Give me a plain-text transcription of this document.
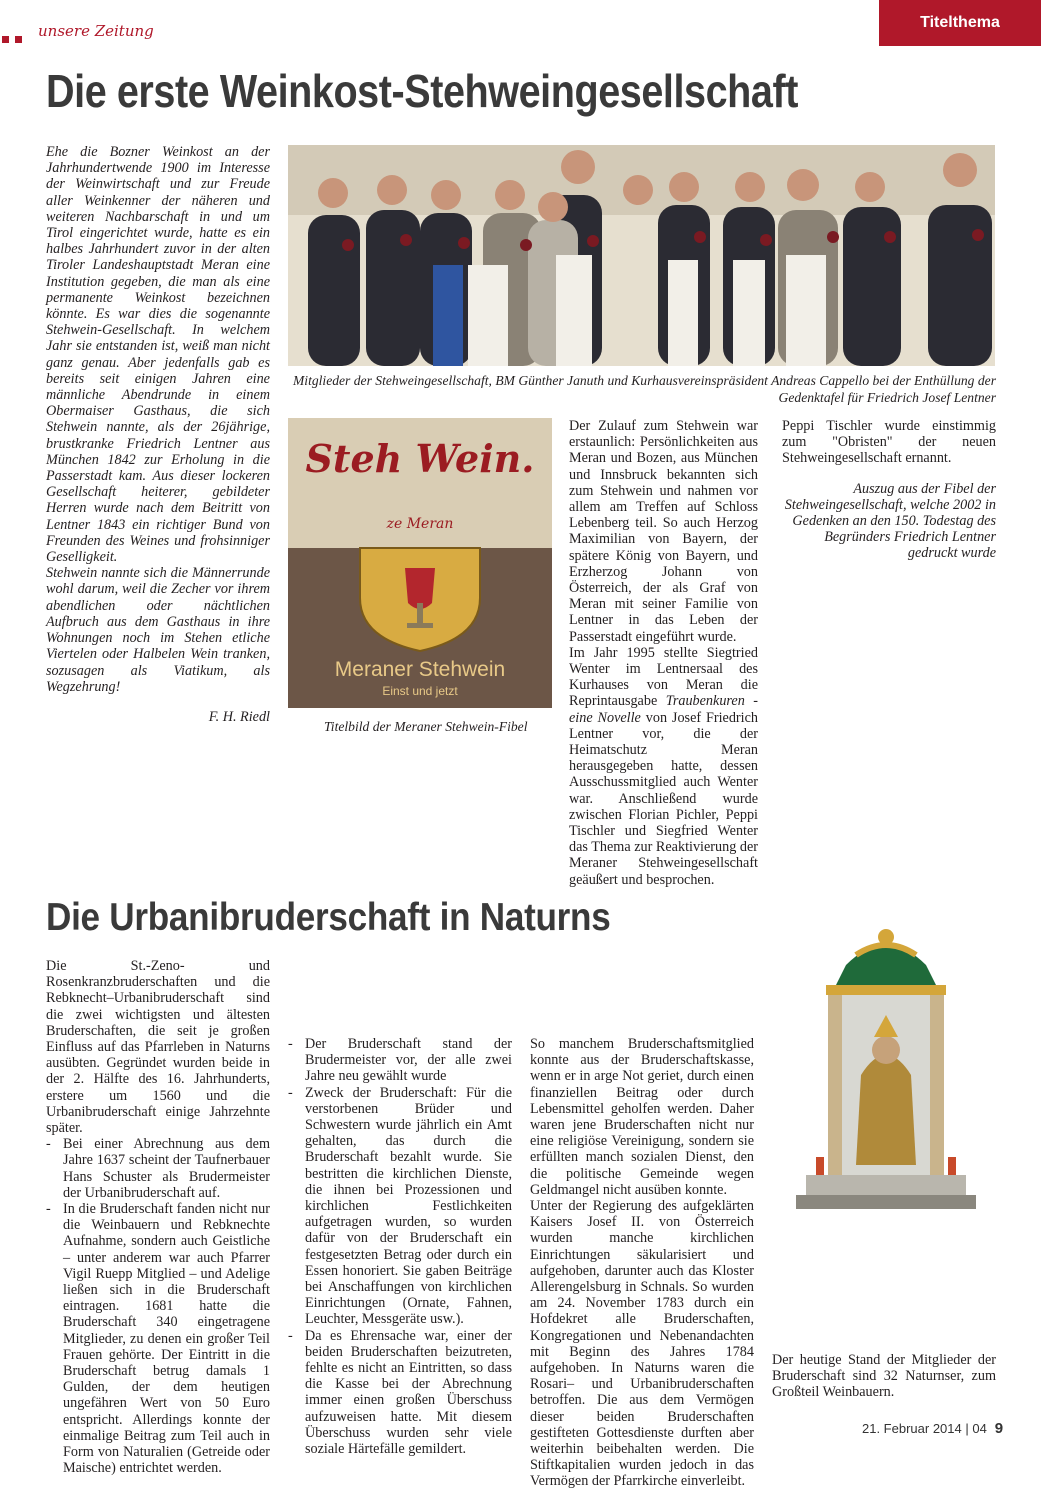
unsere Zeitung	Titelthema
Die erste Weinkost-Stehweingesellschaft

Ehe die Bozner Weinkost an der Jahrhundertwende 1900 im Interesse der Weinwirtschaft und zur Freude aller Weinkenner der näheren und weiteren Nachbarschaft in und um Tirol eingerichtet wurde, hatte es ein halbes Jahrhundert zuvor in der alten Tiroler Landeshauptstadt Meran eine Institution gegeben, die man als eine permanente Weinkost bezeichnen könnte. Es war dies die sogenannte Stehwein-Gesellschaft. In welchem Jahr sie entstanden ist, weiß man nicht ganz genau. Aber jedenfalls gab es bereits seit einigen Jahren eine männliche Abendrunde in einem Obermaiser Gasthaus, die sich Stehwein nannte, als der 26jährige, brustkranke Friedrich Lentner aus München 1842 zur Erholung in die Passerstadt kam. Aus dieser lockeren Gesellschaft heiterer, gebildeter Herren wurde nach dem Beitritt von Lentner 1843 ein richtiger Bund von Freunden des Weines und frohsinniger Geselligkeit.

Stehwein nannte sich die Männerrunde wohl darum, weil die Zecher vor ihrem abendlichen oder nächtlichen Aufbruch aus dem Gasthaus in ihre Wohnungen noch im Stehen etliche Viertelen oder Halbelen Wein tranken, sozusagen als Viatikum, als Wegzehrung!

F. H. Riedl

Mitglieder der Stehweingesellschaft, BM Günther Januth und Kurhausvereinspräsident Andreas Cappello bei der Enthüllung der Gedenktafel für Friedrich Josef Lentner
Steh Wein.
ze Meran
Meraner Stehwein
Einst und jetzt
Titelbild der Meraner Stehwein-Fibel

Der Zulauf zum Stehwein war erstaunlich: Persönlichkeiten aus Meran und Bozen, aus München und Innsbruck bekannten sich zum Stehwein und nahmen vor allem am Treffen auf Schloss Lebenberg teil. So auch Herzog Maximilian von Bayern, der spätere König von Bayern, und Erzherzog Johann von Österreich, der als Graf von Meran mit seiner Familie von Lentner in das Leben der Passerstadt eingeführt wurde.

Im Jahr 1995 stellte Siegtried Wenter im Lentnersaal des Kurhauses von Meran die Reprintausgabe Traubenkuren - eine Novelle von Josef Friedrich Lentner vor, die der Heimatschutz Meran herausgegeben hatte, dessen Ausschussmitglied auch Wenter war. Anschließend wurde zwischen Florian Pichler, Peppi Tischler und Siegfried Wenter das Thema zur Reaktivierung der Meraner Stehweingesellschaft geäußert und besprochen.

Peppi Tischler wurde einstimmig zum "Obristen" der neuen Stehweingesellschaft ernannt.

Auszug aus der Fibel der Stehweingesellschaft, welche 2002 in Gedenken an den 150. Todestag des Begründers Friedrich Lentner gedruckt wurde

Die Urbanibruderschaft in Naturns

Die St.-Zeno- und Rosenkranzbruderschaften und die Rebknecht–Urbanibruderschaft sind die zwei wichtigsten und ältesten Bruderschaften, die seit je großen Einfluss auf das Pfarrleben in Naturns ausübten. Gegründet wurden beide in der 2. Hälfte des 16. Jahrhunderts, erstere um 1560 und die Urbanibruderschaft einige Jahrzehnte später.

- Bei einer Abrechnung aus dem Jahre 1637 scheint der Taufnerbauer Hans Schuster als Brudermeister der Urbanibruderschaft auf.
- In die Bruderschaft fanden nicht nur die Weinbauern und Rebknechte Aufnahme, sondern auch Geistliche – unter anderem war auch Pfarrer Vigil Ruepp Mitglied – und Adelige ließen sich in die Bruderschaft eintragen. 1681 hatte die Bruderschaft 340 eingetragene Mitglieder, zu denen ein großer Teil Frauen gehörte. Der Eintritt in die Bruderschaft betrug damals 1 Gulden, der dem heutigen ungefähren Wert von 50 Euro entspricht. Allerdings konnte der einmalige Beitrag zum Teil auch in Form von Naturalien (Getreide oder Maische) entrichtet werden.
- Der Bruderschaft stand der Brudermeister vor, der alle zwei Jahre neu gewählt wurde
- Zweck der Bruderschaft: Für die verstorbenen Brüder und Schwestern wurde jährlich ein Amt gehalten, das durch die Bruderschaft bezahlt wurde. Sie bestritten die kirchlichen Dienste, die ihnen bei Prozessionen und kirchlichen Festlichkeiten aufgetragen wurden, so wurden dafür von der Bruderschaft ein festgesetzten Betrag oder durch ein Essen honoriert. Sie gaben Beiträge bei Anschaffungen von kirchlichen Einrichtungen (Ornate, Fahnen, Leuchter, Messgeräte usw.).
- Da es Ehrensache war, einer der beiden Bruderschaften beizutreten, fehlte es nicht an Eintritten, so dass die Kasse bei der Abrechnung immer einen großen Überschuss aufzuweisen hatte. Mit diesem Überschuss wurden sehr viele soziale Härtefälle gemildert.

So manchem Bruderschaftsmitglied konnte aus der Bruderschaftskasse, wenn er in arge Not geriet, durch einen finanziellen Beitrag oder durch Lebensmittel geholfen werden. Daher waren jene Bruderschaften nicht nur eine religiöse Vereinigung, sondern sie erfüllten manch sozialen Dienst, den die politische Gemeinde wegen Geldmangel nicht ausüben konnte.

Unter der Regierung des aufgeklärten Kaisers Josef II. von Österreich wurden manche kirchlichen Einrichtungen säkularisiert und aufgehoben, darunter auch das Kloster Allerengelsburg in Schnals. So wurden am 24. November 1783 durch ein Hofdekret alle Bruderschaften, Kongregationen und Nebenandachten mit Beginn des Jahres 1784 aufgehoben. In Naturns waren die Rosari– und Urbanibruderschaften betroffen. Die aus dem Vermögen dieser beiden Bruderschaften gestifteten Gottesdienste durften aber weiterhin beibehalten werden. Die Stiftkapitalien wurden jedoch in das Vermögen der Pfarrkirche einverleibt.

Der heutige Stand der Mitglieder der Bruderschaft sind 32 Naturnser, zum Großteil Weinbauern.

21. Februar 2014 | 04 9
